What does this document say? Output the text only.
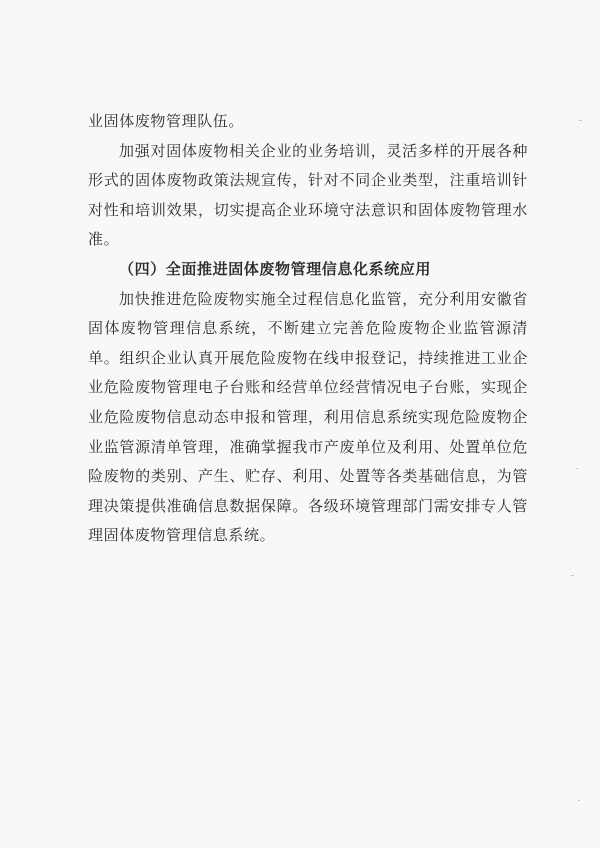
业固体废物管理队伍。

加强对固体废物相关企业的业务培训，灵活多样的开展各种形式的固体废物政策法规宣传，针对不同企业类型，注重培训针对性和培训效果，切实提高企业环境守法意识和固体废物管理水准。

（四）全面推进固体废物管理信息化系统应用

加快推进危险废物实施全过程信息化监管，充分利用安徽省固体废物管理信息系统，不断建立完善危险废物企业监管源清单。组织企业认真开展危险废物在线申报登记，持续推进工业企业危险废物管理电子台账和经营单位经营情况电子台账，实现企业危险废物信息动态申报和管理，利用信息系统实现危险废物企业监管源清单管理，准确掌握我市产废单位及利用、处置单位危险废物的类别、产生、贮存、利用、处置等各类基础信息，为管理决策提供准确信息数据保障。各级环境管理部门需安排专人管理固体废物管理信息系统。
